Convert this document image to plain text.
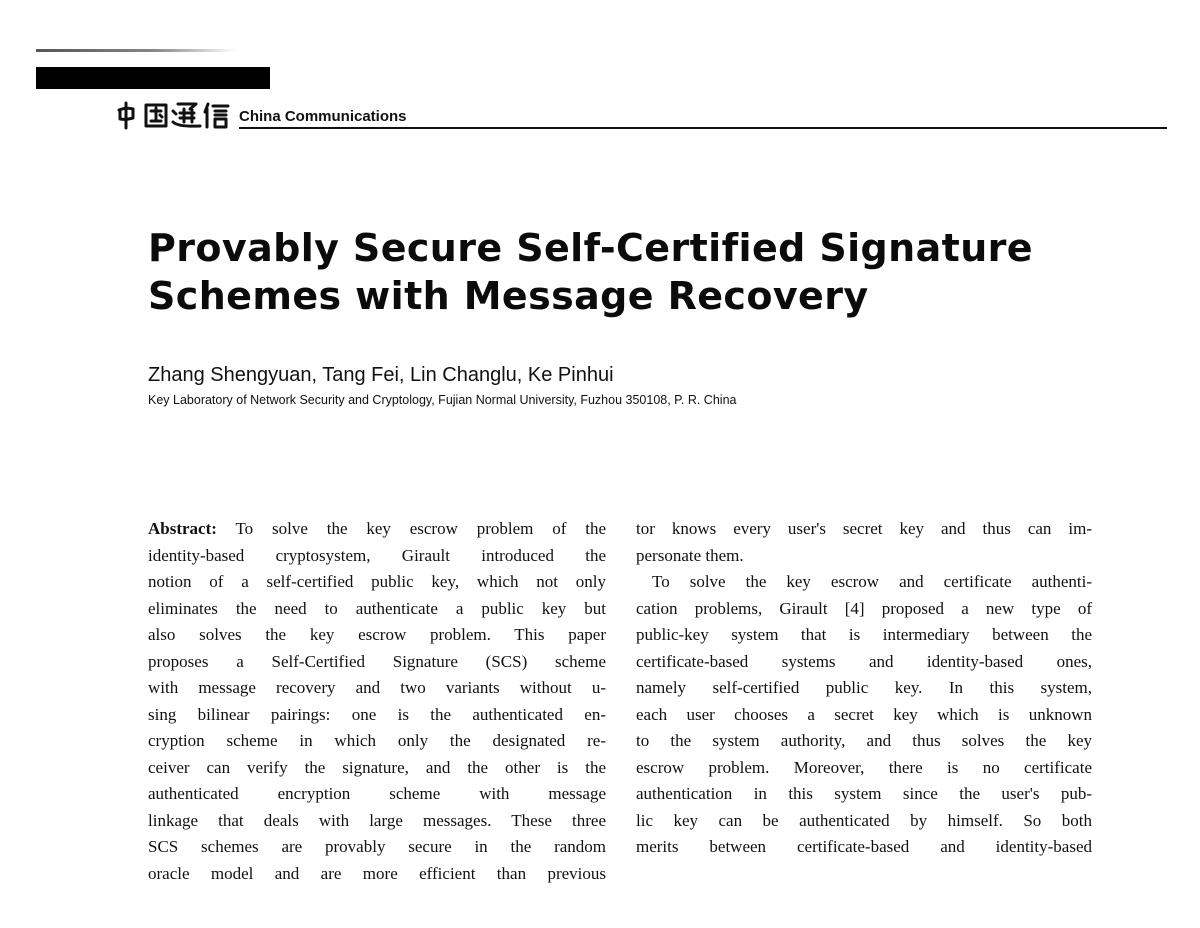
China Communications

Provably Secure Self-Certified Signature
Schemes with Message Recovery

Zhang Shengyuan, Tang Fei, Lin Changlu, Ke Pinhui

Key Laboratory of Network Security and Cryptology, Fujian Normal University, Fuzhou 350108, P. R. China

Abstract: To solve the key escrow problem of the
identity-based cryptosystem, Girault introduced the
notion of a self-certified public key, which not only
eliminates the need to authenticate a public key but
also solves the key escrow problem. This paper
proposes a Self-Certified Signature (SCS) scheme
with message recovery and two variants without u-
sing bilinear pairings: one is the authenticated en-
cryption scheme in which only the designated re-
ceiver can verify the signature, and the other is the
authenticated encryption scheme with message
linkage that deals with large messages. These three
SCS schemes are provably secure in the random
oracle model and are more efficient than previous
tor knows every user's secret key and thus can im-
personate them.
To solve the key escrow and certificate authenti-
cation problems, Girault [4] proposed a new type of
public-key system that is intermediary between the
certificate-based systems and identity-based ones,
namely self-certified public key. In this system,
each user chooses a secret key which is unknown
to the system authority, and thus solves the key
escrow problem. Moreover, there is no certificate
authentication in this system since the user's pub-
lic key can be authenticated by himself. So both
merits between certificate-based and identity-based
